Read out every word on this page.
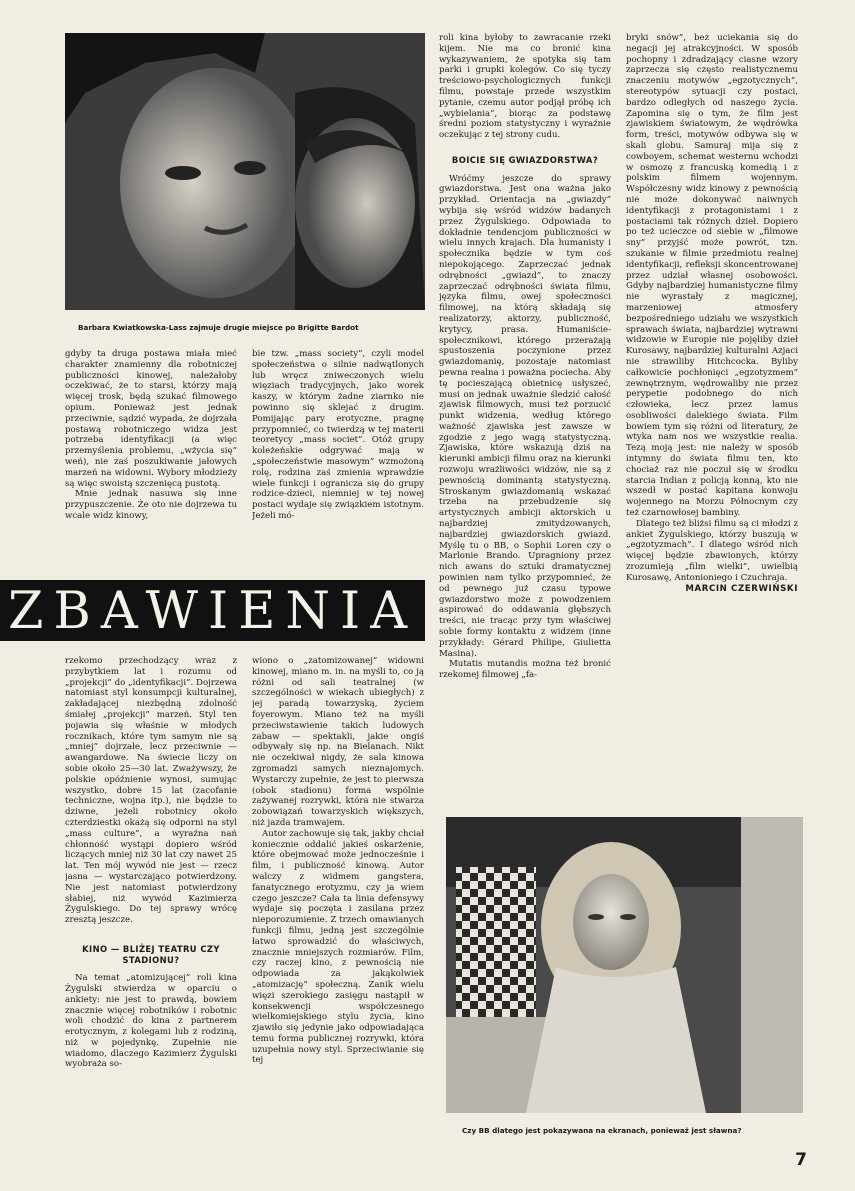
Barbara Kwiatkowska-Lass zajmuje drugie miejsce po Brigitte Bardot

gdyby ta druga postawa miała mieć charakter znamienny dla robotniczej publiczności kinowej, należałoby oczekiwać, że to starsi, którzy mają więcej trosk, będą szukać filmowego opium. Ponieważ jest jednak przeciwnie, sądzić wypada, że dojrzała postawą robotniczego widza jest potrzeba identyfikacji (a więc przemyślenia problemu, „wżycia się” weń), nie zaś poszukiwanie jałowych marzeń na widowni. Wybory młodzieży są więc swoistą szczenięcą pustotą.

Mnie jednak nasuwa się inne przypuszczenie. Że oto nie dojrzewa tu wcale widz kinowy,

bie tzw. „mass society”, czyli model społeczeństwa o silnie nadwątlonych lub wręcz zniweczonych wielu więziach tradycyjnych, jako worek kaszy, w którym żadne ziarnko nie powinno się sklejać z drugim. Pomijając pary erotyczne, pragnę przypomnieć, co twierdzą w tej materii teoretycy „mass societ”. Otóż grupy koleżeńskie odgrywać mają w „społeczeństwie masowym” wzmożoną rolę, rodzina zaś zmienia wprawdzie wiele funkcji i ogranicza się do grupy rodzice-dzieci, niemniej w tej nowej postaci wydaje się związkiem istotnym. Jeżeli mó-

ZBAWIENIA

rzekomo przechodzący wraz z przybytkiem lat i rozumu od „projekcji” do „identyfikacji”. Dojrzewa natomiast styl konsumpcji kulturalnej, zakładającej niezbędną zdolność śmiałej „projekcji” marzeń. Styl ten pojawia się właśnie w młodych rocznikach, które tym samym nie są „mniej” dojrzałe, lecz przeciwnie — awangardowe. Na świecie liczy on sobie około 25—30 lat. Zważywszy, że polskie opóźnienie wynosi, sumując wszystko, dobre 15 lat (zacofanie techniczne, wojna itp.), nie będzie to dziwne, jeżeli robotnicy około czterdziestki okażą się odporni na styl „mass culture”, a wyraźna nań chłonność wystąpi dopiero wśród liczących mniej niż 30 lat czy nawet 25 lat. Ten mój wywód nie jest — rzecz jasna — wystarczająco potwierdzony. Nie jest natomiast potwierdzony słabiej, niż wywód Kazimierza Żygulskiego. Do tej sprawy wrócę zresztą jeszcze.

KINO — BLIŻEJ TEATRU CZY STADIONU?

Na temat „atomizującej” roli kina Żygulski stwierdza w oparciu o ankiety: nie jest to prawdą, bowiem znacznie więcej robotników i robotnic woli chodzić do kina z partnerem erotycznym, z kolegami lub z rodziną, niż w pojedynkę. Zupełnie nie wiadomo, dlaczego Kazimierz Żygulski wyobraża so-

wiono o „zatomizowanej” widowni kinowej, miano m. in. na myśli to, co ją różni od sali teatralnej (w szczególności w wiekach ubiegłych) z jej paradą towarzyską, życiem foyerowym. Miano też na myśli przeciwstawienie takich ludowych zabaw — spektakli, jakie ongiś odbywały się np. na Bielanach. Nikt nie oczekiwał nigdy, że sala kinowa zgromadzi samych nieznajomych. Wystarczy zupełnie, że jest to pierwsza (obok stadionu) forma wspólnie zażywanej rozrywki, która nie stwarza zobowiązań towarzyskich większych, niż jazda tramwajem.

Autor zachowuje się tak, jakby chciał koniecznie oddalić jakieś oskarżenie, które obejmować może jednocześnie i film, i publiczność kinową. Autor walczy z widmem gangstera, fanatycznego erotyzmu, czy ja wiem czego jeszcze? Cała ta linia defensywy wydaje się poczęta i zasilana przez nieporozumienie. Z trzech omawianych funkcji filmu, jedną jest szczególnie łatwo sprowadzić do właściwych, znacznie mniejszych rozmiarów. Film, czy raczej kino, z pewnością nie odpowiada za jakąkolwiek „atomizację” społeczną. Zanik wielu więzi szerokiego zasięgu nastąpił w konsekwencji współczesnego wielkomiejskiego stylu życia, kino zjawiło się jedynie jako odpowiadająca temu forma publicznej rozrywki, która uzupełnia nowy styl. Sprzeciwianie się tej

roli kina byłoby to zawracanie rzeki kijem. Nie ma co bronić kina wykazywaniem, że spotyka się tam parki i grupki kolegów. Co się tyczy treściowo-psychologicznych funkcji filmu, powstaje przede wszystkim pytanie, czemu autor podjął próbę ich „wybielania”, biorąc za podstawę średni poziom statystyczny i wyraźnie oczekując z tej strony cudu.

BOICIE SIĘ GWIAZDORSTWA?

Wróćmy jeszcze do sprawy gwiazdorstwa. Jest ona ważna jako przykład. Orientacja na „gwiazdy” wybija się wśród widzów badanych przez Żygulskiego. Odpowiada to dokładnie tendencjom publiczności w wielu innych krajach. Dla humanisty i społecznika będzie w tym coś niepokojącego. Zaprzeczać jednak odrębności „gwiazd”, to znaczy zaprzeczać odrębności świata filmu, języka filmu, owej społeczności filmowej, na którą składają się realizatorzy, aktorzy, publiczność, krytycy, prasa. Humaniście-społecznikowi, którego przerażają spustoszenia poczynione przez gwiazdomanię, pozostaje natomiast pewna realna i poważna pociecha. Aby tę pocieszającą obietnicę usłyszeć, musi on jednak uważnie śledzić całość zjawisk filmowych, musi też porzucić punkt widzenia, według którego ważność zjawiska jest zawsze w zgodzie z jego wagą statystyczną. Zjawiska, które wskazują dziś na kierunki ambicji filmu oraz na kierunki rozwoju wrażliwości widzów, nie są z pewnością dominantą statystyczną. Stroskanym gwiazdomanią wskazać trzeba na przebudzenie się artystycznych ambicji aktorskich u najbardziej zmitydzowanych, najbardziej gwiazdorskich gwiazd. Myślę tu o BB, o Sophii Loren czy o Marlonie Brando. Upragniony przez nich awans do sztuki dramatycznej powinien nam tylko przypomnieć, że od pewnego już czasu typowe gwiazdorstwo może z powodzeniem aspirować do oddawania głębszych treści, nie tracąc przy tym właściwej sobie formy kontaktu z widzem (inne przykłady: Gérard Philipe, Giulietta Masina).

Mutatis mutandis można też bronić rzekomej filmowej „fa-

bryki snów”, bez uciekania się do negacji jej atrakcyjności. W sposób pochopny i zdradzający ciasne wzory zaprzecza się często realistycznemu znaczeniu motywów „egzotycznych”, stereotypów sytuacji czy postaci, bardzo odległych od naszego życia. Zapomina się o tym, że film jest zjawiskiem światowym, że wędrówka form, treści, motywów odbywa się w skali globu. Samuraj mija się z cowboyem, schemat westernu wchodzi w osmozę z francuską komedią i z polskim filmem wojennym. Współczesny widz kinowy z pewnością nie może dokonywać naiwnych identyfikacji z protagonistami i z postaciami tak różnych dzieł. Dopiero po też ucieczce od siebie w „filmowe sny” przyjść może powrót, tzn. szukanie w filmie przedmiotu realnej identyfikacji, refleksji skoncentrowanej przez udział własnej osobowości. Gdyby najbardziej humanistyczne filmy nie wyrastały z magicznej, marzeniowej atmosfery bezpośredniego udziału we wszystkich sprawach świata, najbardziej wytrawni widzowie w Europie nie pojęliby dzieł Kurosawy, najbardziej kulturalni Azjaci nie strawiliby Hitchcocka. Byliby całkowicie pochłonięci „egzotyzmem” zewnętrznym, wędrowaliby nie przez perypetie podobnego do nich człowieka, lecz przez lamus osobliwości dalekiego świata. Film bowiem tym się różni od literatury, że wtyka nam nos we wszystkie realia. Tezą moją jest: nie należy w sposób intymny do świata filmu ten, kto chociaż raz nie poczuł się w środku starcia Indian z policją konną, kto nie wszedł w postać kapitana konwoju wojennego na Morzu Północnym czy też czarnowłosej bambiny.

Dlatego też bliżsi filmu są ci młodzi z ankiet Żygulskiego, którzy buszują w „egzotyzmach”. I dlatego wśród nich więcej będzie zbawionych, którzy zrozumieją „film wielki”, uwielbią Kurosawę, Antonioniego i Czuchraja.

MARCIN CZERWIŃSKI

Czy BB dlatego jest pokazywana na ekranach, ponieważ jest sławna?
7
